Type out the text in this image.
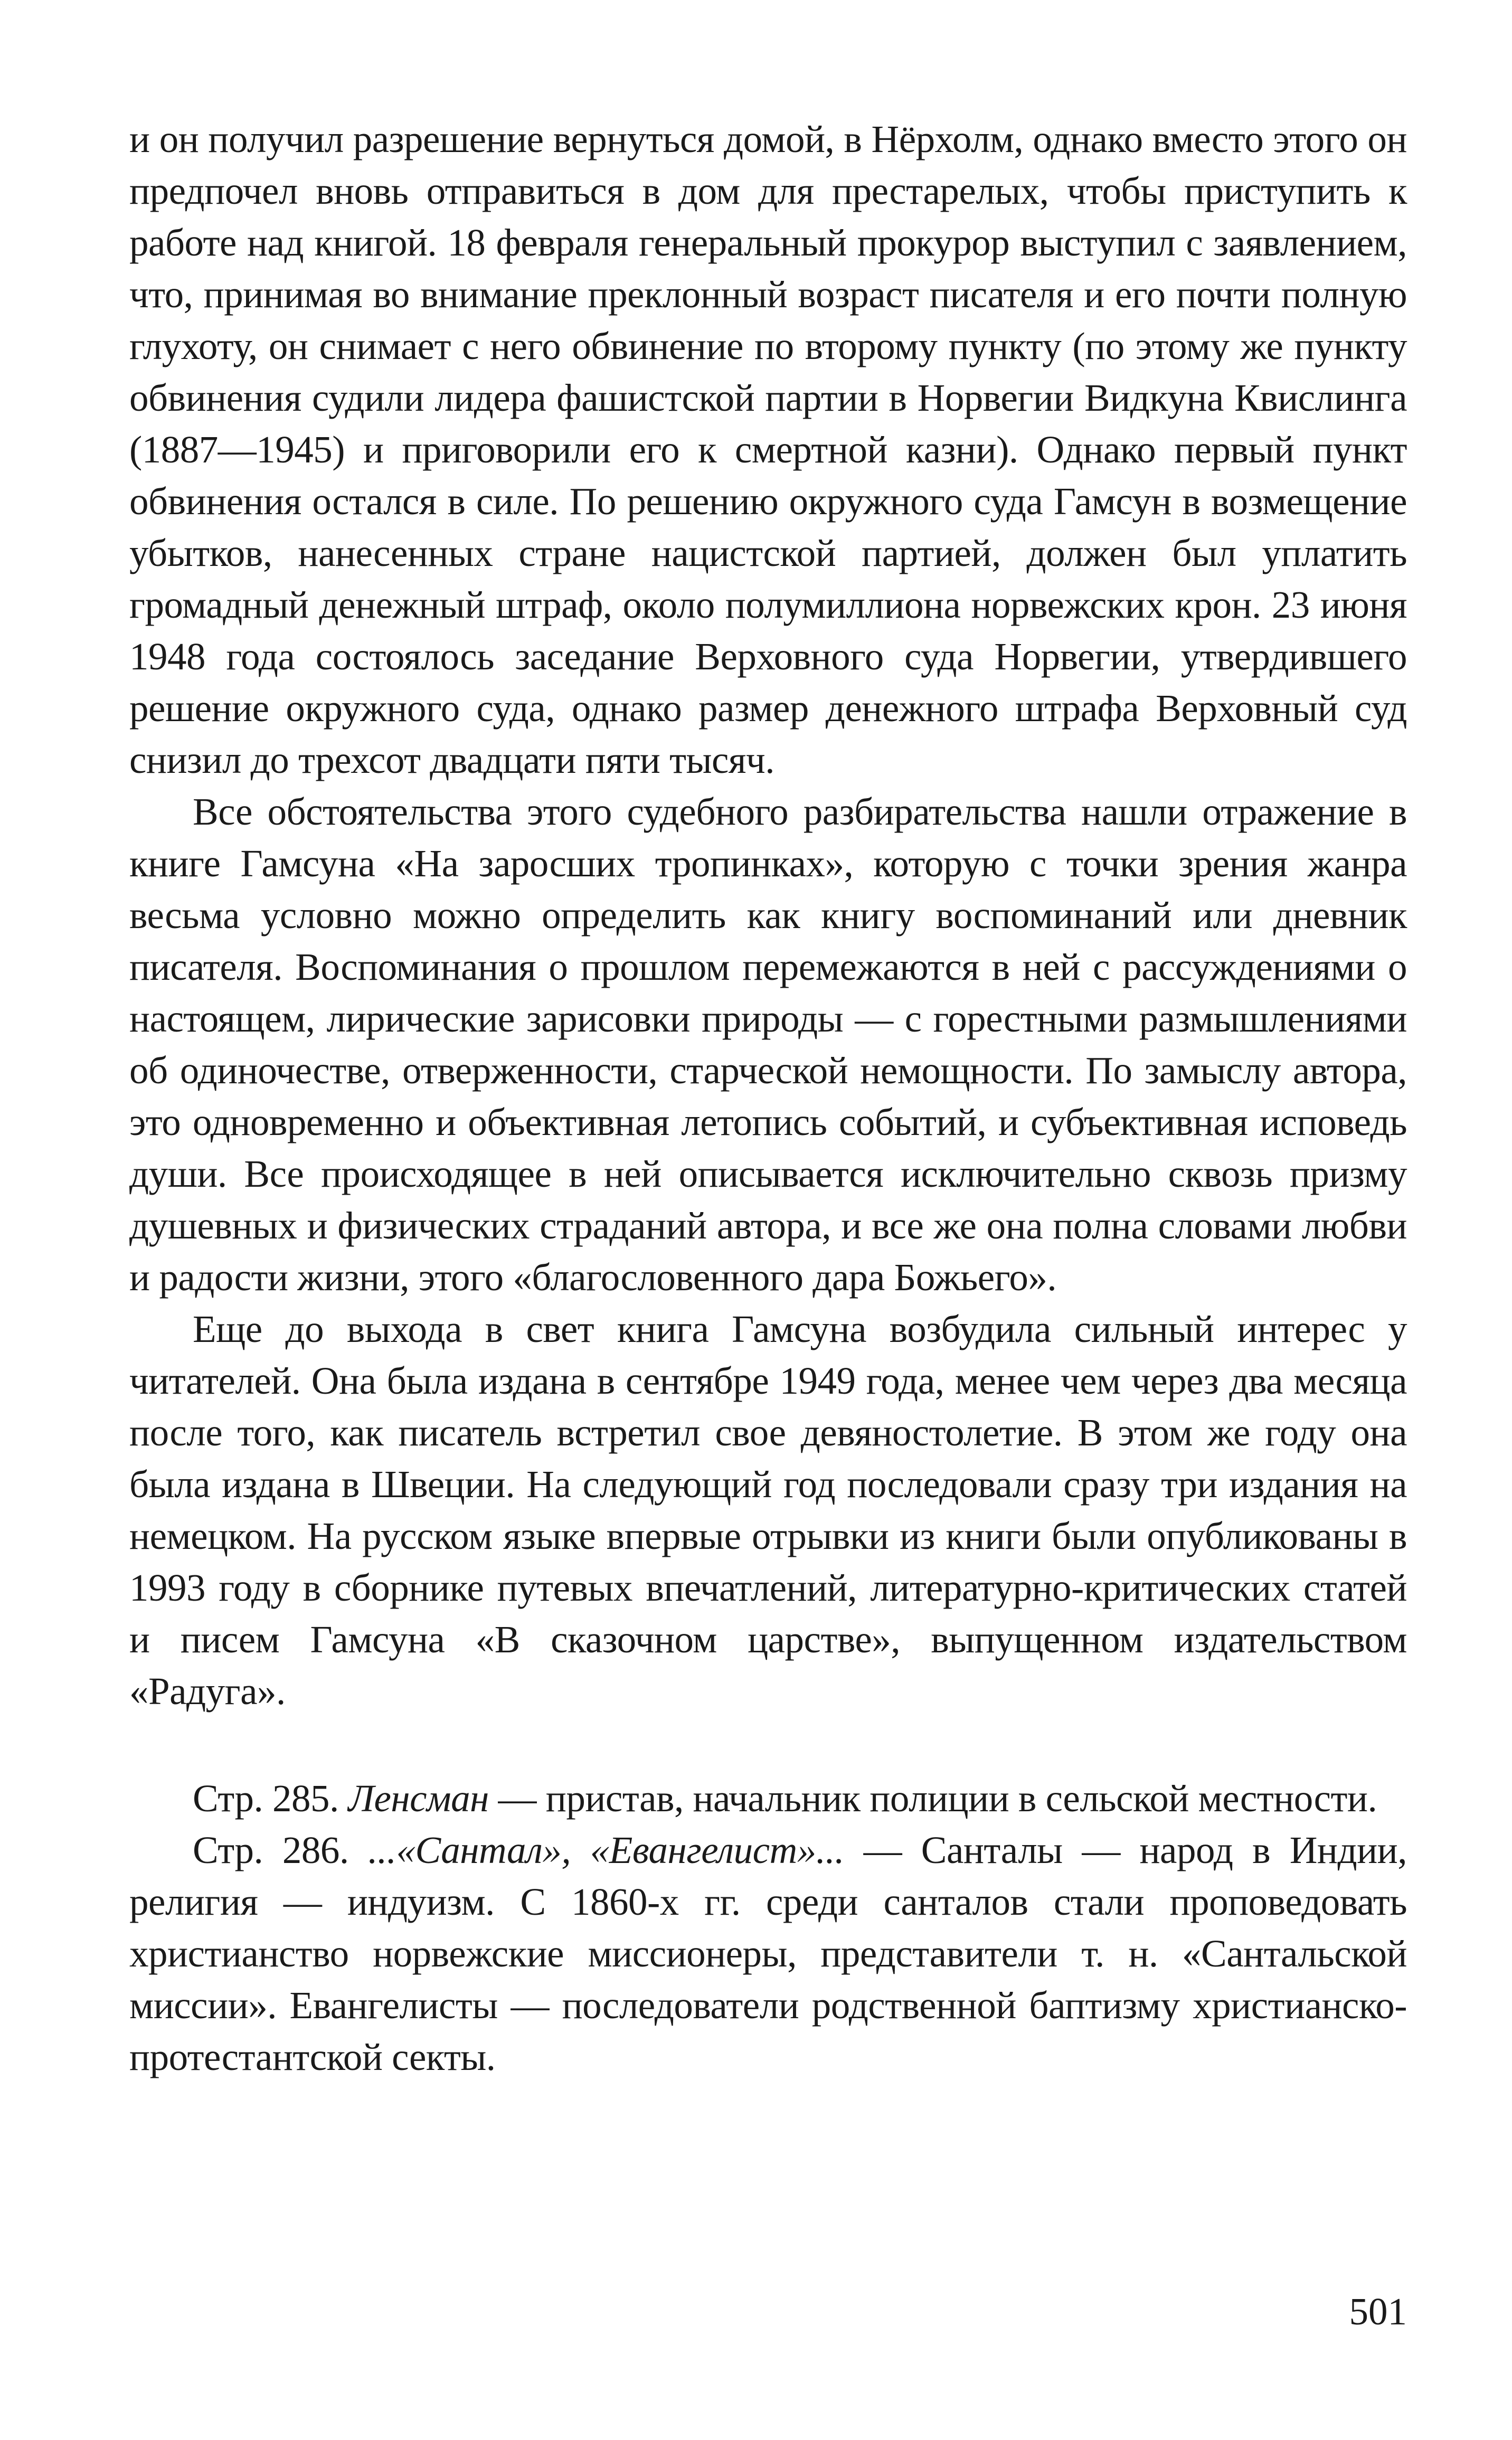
и он получил разрешение вернуться домой, в Нёрхолм, однако вместо этого он предпочел вновь отправиться в дом для престарелых, чтобы приступить к работе над книгой. 18 февраля генеральный прокурор выступил с заявлением, что, принимая во внимание преклонный возраст писателя и его почти полную глухоту, он снимает с него обвинение по второму пункту (по этому же пункту обвинения судили лидера фашистской партии в Норвегии Видкуна Квислинга (1887—1945) и приговорили его к смертной казни). Однако первый пункт обвинения остался в силе. По решению окружного суда Гамсун в возмещение убытков, нанесенных стране нацистской партией, должен был уплатить громадный денежный штраф, около полумиллиона норвежских крон. 23 июня 1948 года состоялось заседание Верховного суда Норвегии, утвердившего решение окружного суда, однако размер денежного штрафа Верховный суд снизил до трехсот двадцати пяти тысяч.

Все обстоятельства этого судебного разбирательства нашли отражение в книге Гамсуна «На заросших тропинках», которую с точки зрения жанра весьма условно можно определить как книгу воспоминаний или дневник писателя. Воспоминания о прошлом перемежаются в ней с рассуждениями о настоящем, лирические зарисовки природы — с горестными размышлениями об одиночестве, отверженности, старческой немощности. По замыслу автора, это одновременно и объективная летопись событий, и субъективная исповедь души. Все происходящее в ней описывается исключительно сквозь призму душевных и физических страданий автора, и все же она полна словами любви и радости жизни, этого «благословенного дара Божьего».

Еще до выхода в свет книга Гамсуна возбудила сильный интерес у читателей. Она была издана в сентябре 1949 года, менее чем через два месяца после того, как писатель встретил свое девяностолетие. В этом же году она была издана в Швеции. На следующий год последовали сразу три издания на немецком. На русском языке впервые отрывки из книги были опубликованы в 1993 году в сборнике путевых впечатлений, литературно-критических статей и писем Гамсуна «В сказочном царстве», выпущенном издательством «Радуга».

Стр. 285. Ленсман — пристав, начальник полиции в сельской местности.

Стр. 286. ...«Сантал», «Евангелист»... — Санталы — народ в Индии, религия — индуизм. С 1860-х гг. среди санталов стали проповедовать христианство норвежские миссионеры, представители т. н. «Сантальской миссии». Евангелисты — последователи родственной баптизму христианско-протестантской секты.

501
